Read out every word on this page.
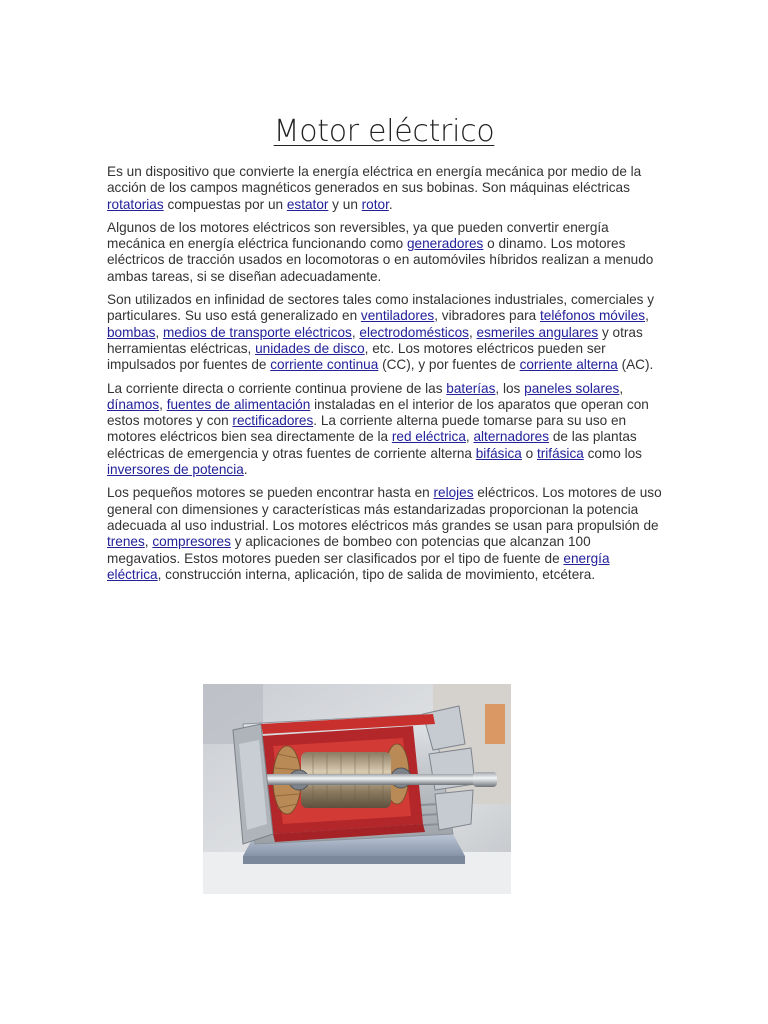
Motor eléctrico

Es un dispositivo que convierte la energía eléctrica en energía mecánica por medio de la acción de los campos magnéticos generados en sus bobinas. Son máquinas eléctricas rotatorias compuestas por un estator y un rotor.

Algunos de los motores eléctricos son reversibles, ya que pueden convertir energía mecánica en energía eléctrica funcionando como generadores o dinamo. Los motores eléctricos de tracción usados en locomotoras o en automóviles híbridos realizan a menudo ambas tareas, si se diseñan adecuadamente.

Son utilizados en infinidad de sectores tales como instalaciones industriales, comerciales y particulares. Su uso está generalizado en ventiladores, vibradores para teléfonos móviles, bombas, medios de transporte eléctricos, electrodomésticos, esmeriles angulares y otras herramientas eléctricas, unidades de disco, etc. Los motores eléctricos pueden ser impulsados por fuentes de corriente continua (CC), y por fuentes de corriente alterna (AC).

La corriente directa o corriente continua proviene de las baterías, los paneles solares, dínamos, fuentes de alimentación instaladas en el interior de los aparatos que operan con estos motores y con rectificadores. La corriente alterna puede tomarse para su uso en motores eléctricos bien sea directamente de la red eléctrica, alternadores de las plantas eléctricas de emergencia y otras fuentes de corriente alterna bifásica o trifásica como los inversores de potencia.

Los pequeños motores se pueden encontrar hasta en relojes eléctricos. Los motores de uso general con dimensiones y características más estandarizadas proporcionan la potencia adecuada al uso industrial. Los motores eléctricos más grandes se usan para propulsión de trenes, compresores y aplicaciones de bombeo con potencias que alcanzan 100 megavatios. Estos motores pueden ser clasificados por el tipo de fuente de energía eléctrica, construcción interna, aplicación, tipo de salida de movimiento, etcétera.
